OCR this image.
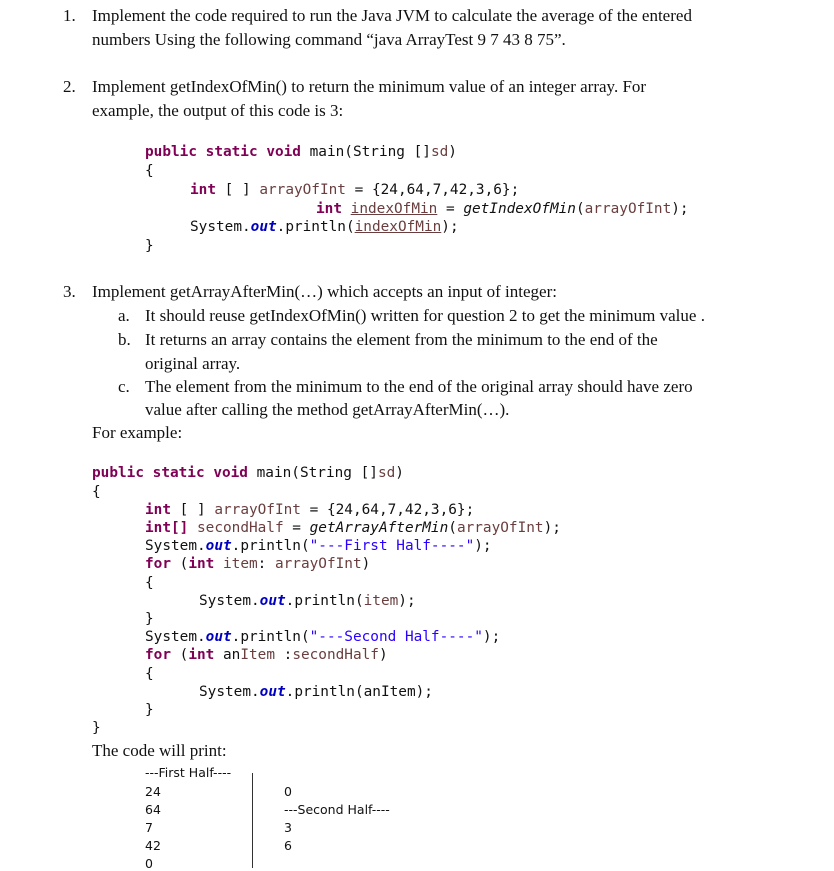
1. Implement the code required to run the Java JVM to calculate the average of the entered
numbers Using the following command “java ArrayTest 9 7 43 8 75”.
2. Implement getIndexOfMin() to return the minimum value of an integer array. For
example, the output of this code is 3:
public static void main(String []sd)
{
int [ ] arrayOfInt = {24,64,7,42,3,6};
int indexOfMin = getIndexOfMin(arrayOfInt);
System.out.println(indexOfMin);
}
3. Implement getArrayAfterMin(…) which accepts an input of integer:
a. It should reuse getIndexOfMin() written for question 2 to get the minimum value .
b. It returns an array contains the element from the minimum to the end of the
original array.
c. The element from the minimum to the end of the original array should have zero
value after calling the method getArrayAfterMin(…).
For example:
public static void main(String []sd)
{
int [ ] arrayOfInt = {24,64,7,42,3,6};
int[] secondHalf = getArrayAfterMin(arrayOfInt);
System.out.println("---First Half----");
for (int item: arrayOfInt)
{
System.out.println(item);
}
System.out.println("---Second Half----");
for (int anItem :secondHalf)
{
System.out.println(anItem);
}
}
The code will print:
---First Half----
24
64
7
42
0
0
---Second Half----
3
6
